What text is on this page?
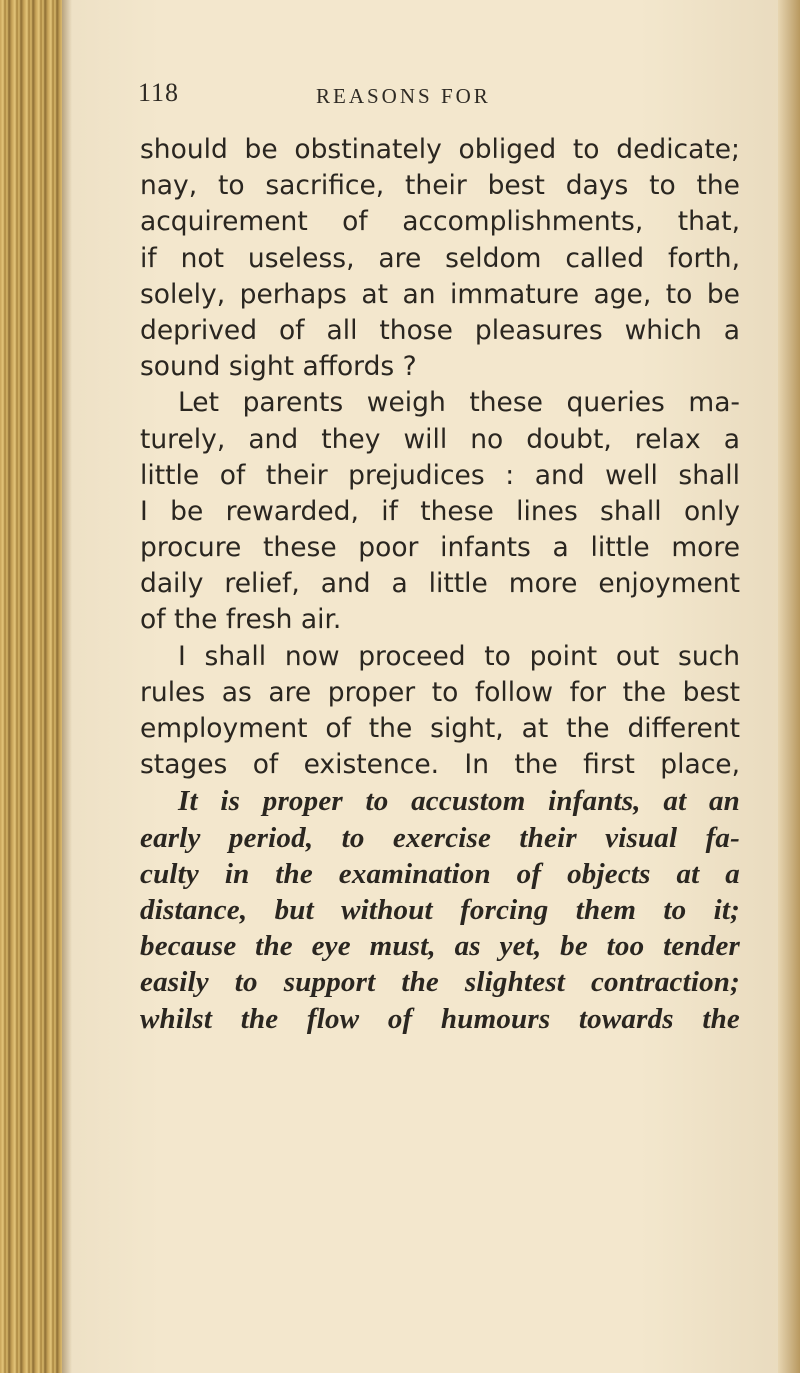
118	REASONS FOR
should be obstinately obliged to dedicate;
nay, to sacrifice, their best days to the
acquirement of accomplishments, that,
if not useless, are seldom called forth,
solely, perhaps at an immature age, to be
deprived of all those pleasures which a
sound sight affords ?
Let parents weigh these queries ma-
turely, and they will no doubt, relax a
little of their prejudices : and well shall
I be rewarded, if these lines shall only
procure these poor infants a little more
daily relief, and a little more enjoyment
of the fresh air.
I shall now proceed to point out such
rules as are proper to follow for the best
employment of the sight, at the different
stages of existence. In the first place,
It is proper to accustom infants, at an
early period, to exercise their visual fa-
culty in the examination of objects at a
distance, but without forcing them to it;
because the eye must, as yet, be too tender
easily to support the slightest contraction;
whilst the flow of humours towards the
